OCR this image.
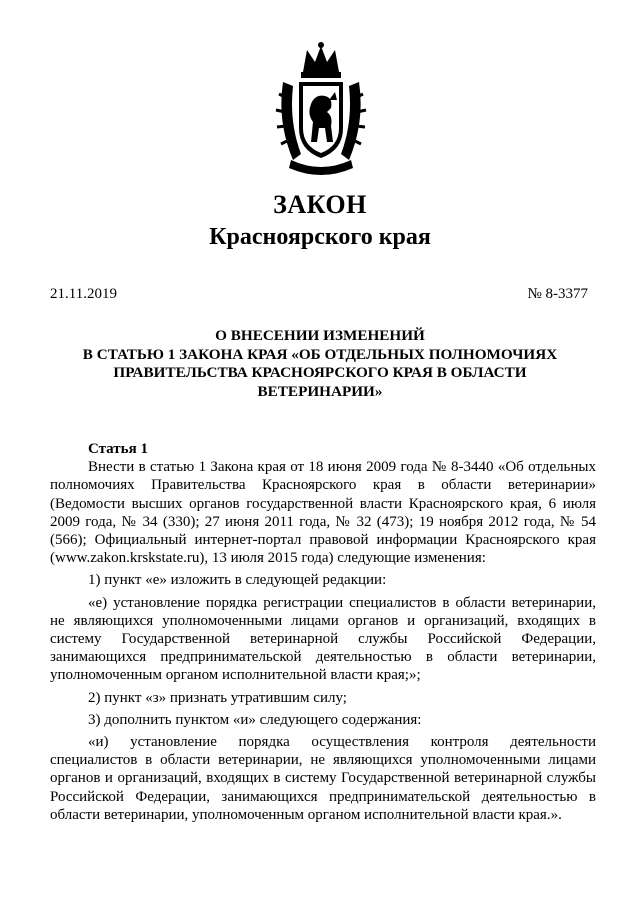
ЗАКОН
Красноярского края
21.11.2019	№ 8-3377
О ВНЕСЕНИИ ИЗМЕНЕНИЙ
В СТАТЬЮ 1 ЗАКОНА КРАЯ «ОБ ОТДЕЛЬНЫХ ПОЛНОМОЧИЯХ
ПРАВИТЕЛЬСТВА КРАСНОЯРСКОГО КРАЯ В ОБЛАСТИ
ВЕТЕРИНАРИИ»
Статья 1

Внести в статью 1 Закона края от 18 июня 2009 года № 8-3440 «Об отдельных полномочиях Правительства Красноярского края в области ветеринарии» (Ведомости высших органов государственной власти Красноярского края, 6 июля 2009 года, № 34 (330); 27 июня 2011 года, № 32 (473); 19 ноября 2012 года, № 54 (566); Официальный интернет-портал правовой информации Красноярского края (www.zakon.krskstate.ru), 13 июля 2015 года) следующие изменения:

1) пункт «е» изложить в следующей редакции:

«е) установление порядка регистрации специалистов в области ветеринарии, не являющихся уполномоченными лицами органов и организаций, входящих в систему Государственной ветеринарной службы Российской Федерации, занимающихся предпринимательской деятельностью в области ветеринарии, уполномоченным органом исполнительной власти края;»;

2) пункт «з» признать утратившим силу;

3) дополнить пунктом «и» следующего содержания:

«и) установление порядка осуществления контроля деятельности специалистов в области ветеринарии, не являющихся уполномоченными лицами органов и организаций, входящих в систему Государственной ветеринарной службы Российской Федерации, занимающихся предпринимательской деятельностью в области ветеринарии, уполномоченным органом исполнительной власти края.».
